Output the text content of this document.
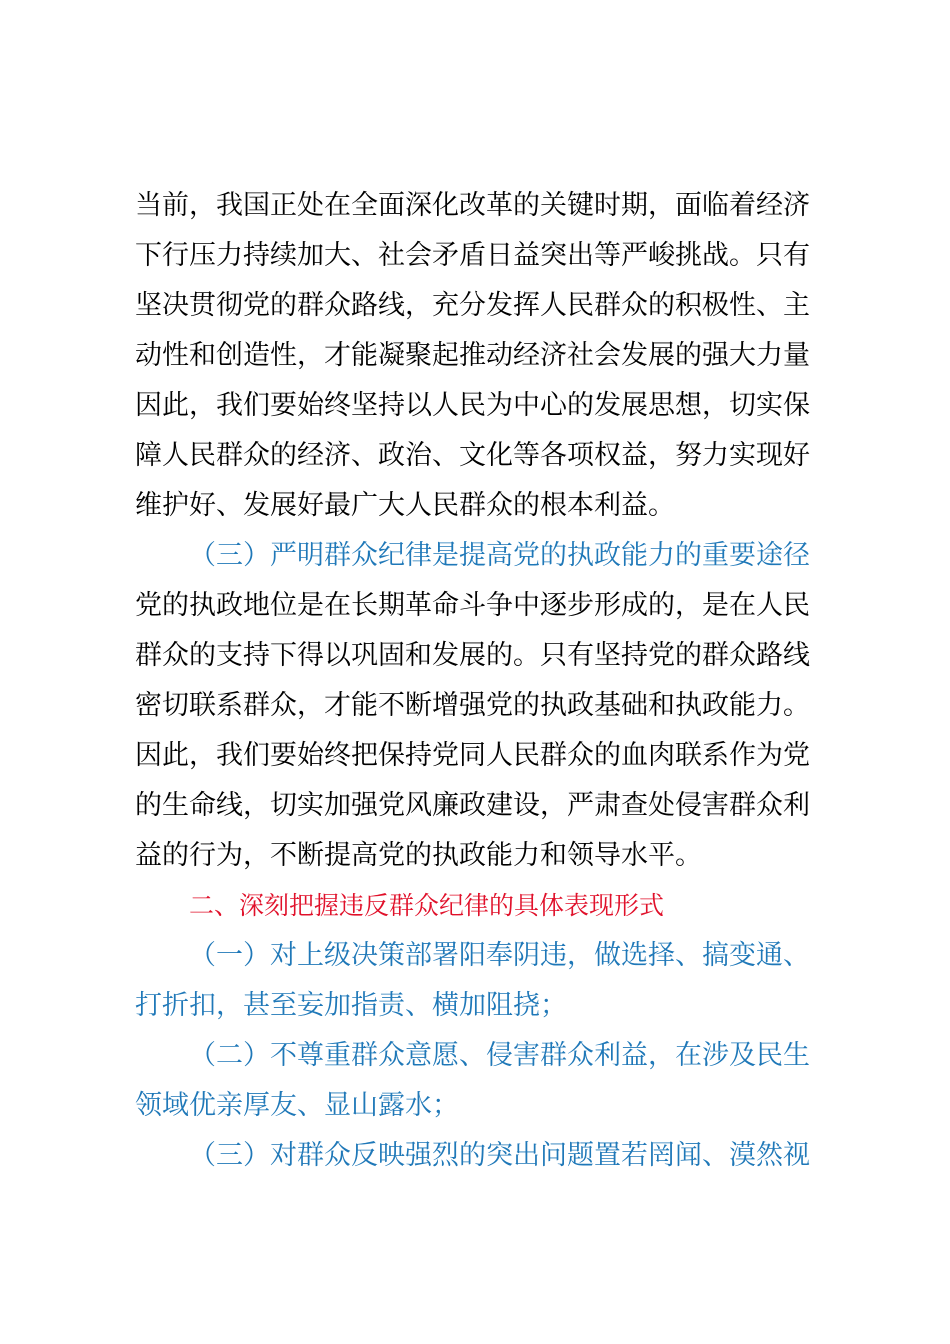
当前，我国正处在全面深化改革的关键时期，面临着经济
下行压力持续加大、社会矛盾日益突出等严峻挑战。只有
坚决贯彻党的群众路线，充分发挥人民群众的积极性、主
动性和创造性，才能凝聚起推动经济社会发展的强大力量
因此，我们要始终坚持以人民为中心的发展思想，切实保
障人民群众的经济、政治、文化等各项权益，努力实现好
维护好、发展好最广大人民群众的根本利益。
（三）严明群众纪律是提高党的执政能力的重要途径
党的执政地位是在长期革命斗争中逐步形成的，是在人民
群众的支持下得以巩固和发展的。只有坚持党的群众路线
密切联系群众，才能不断增强党的执政基础和执政能力。
因此，我们要始终把保持党同人民群众的血肉联系作为党
的生命线，切实加强党风廉政建设，严肃查处侵害群众利
益的行为，不断提高党的执政能力和领导水平。
二、深刻把握违反群众纪律的具体表现形式
（一）对上级决策部署阳奉阴违，做选择、搞变通、
打折扣，甚至妄加指责、横加阻挠；
（二）不尊重群众意愿、侵害群众利益，在涉及民生
领域优亲厚友、显山露水；
（三）对群众反映强烈的突出问题置若罔闻、漠然视
